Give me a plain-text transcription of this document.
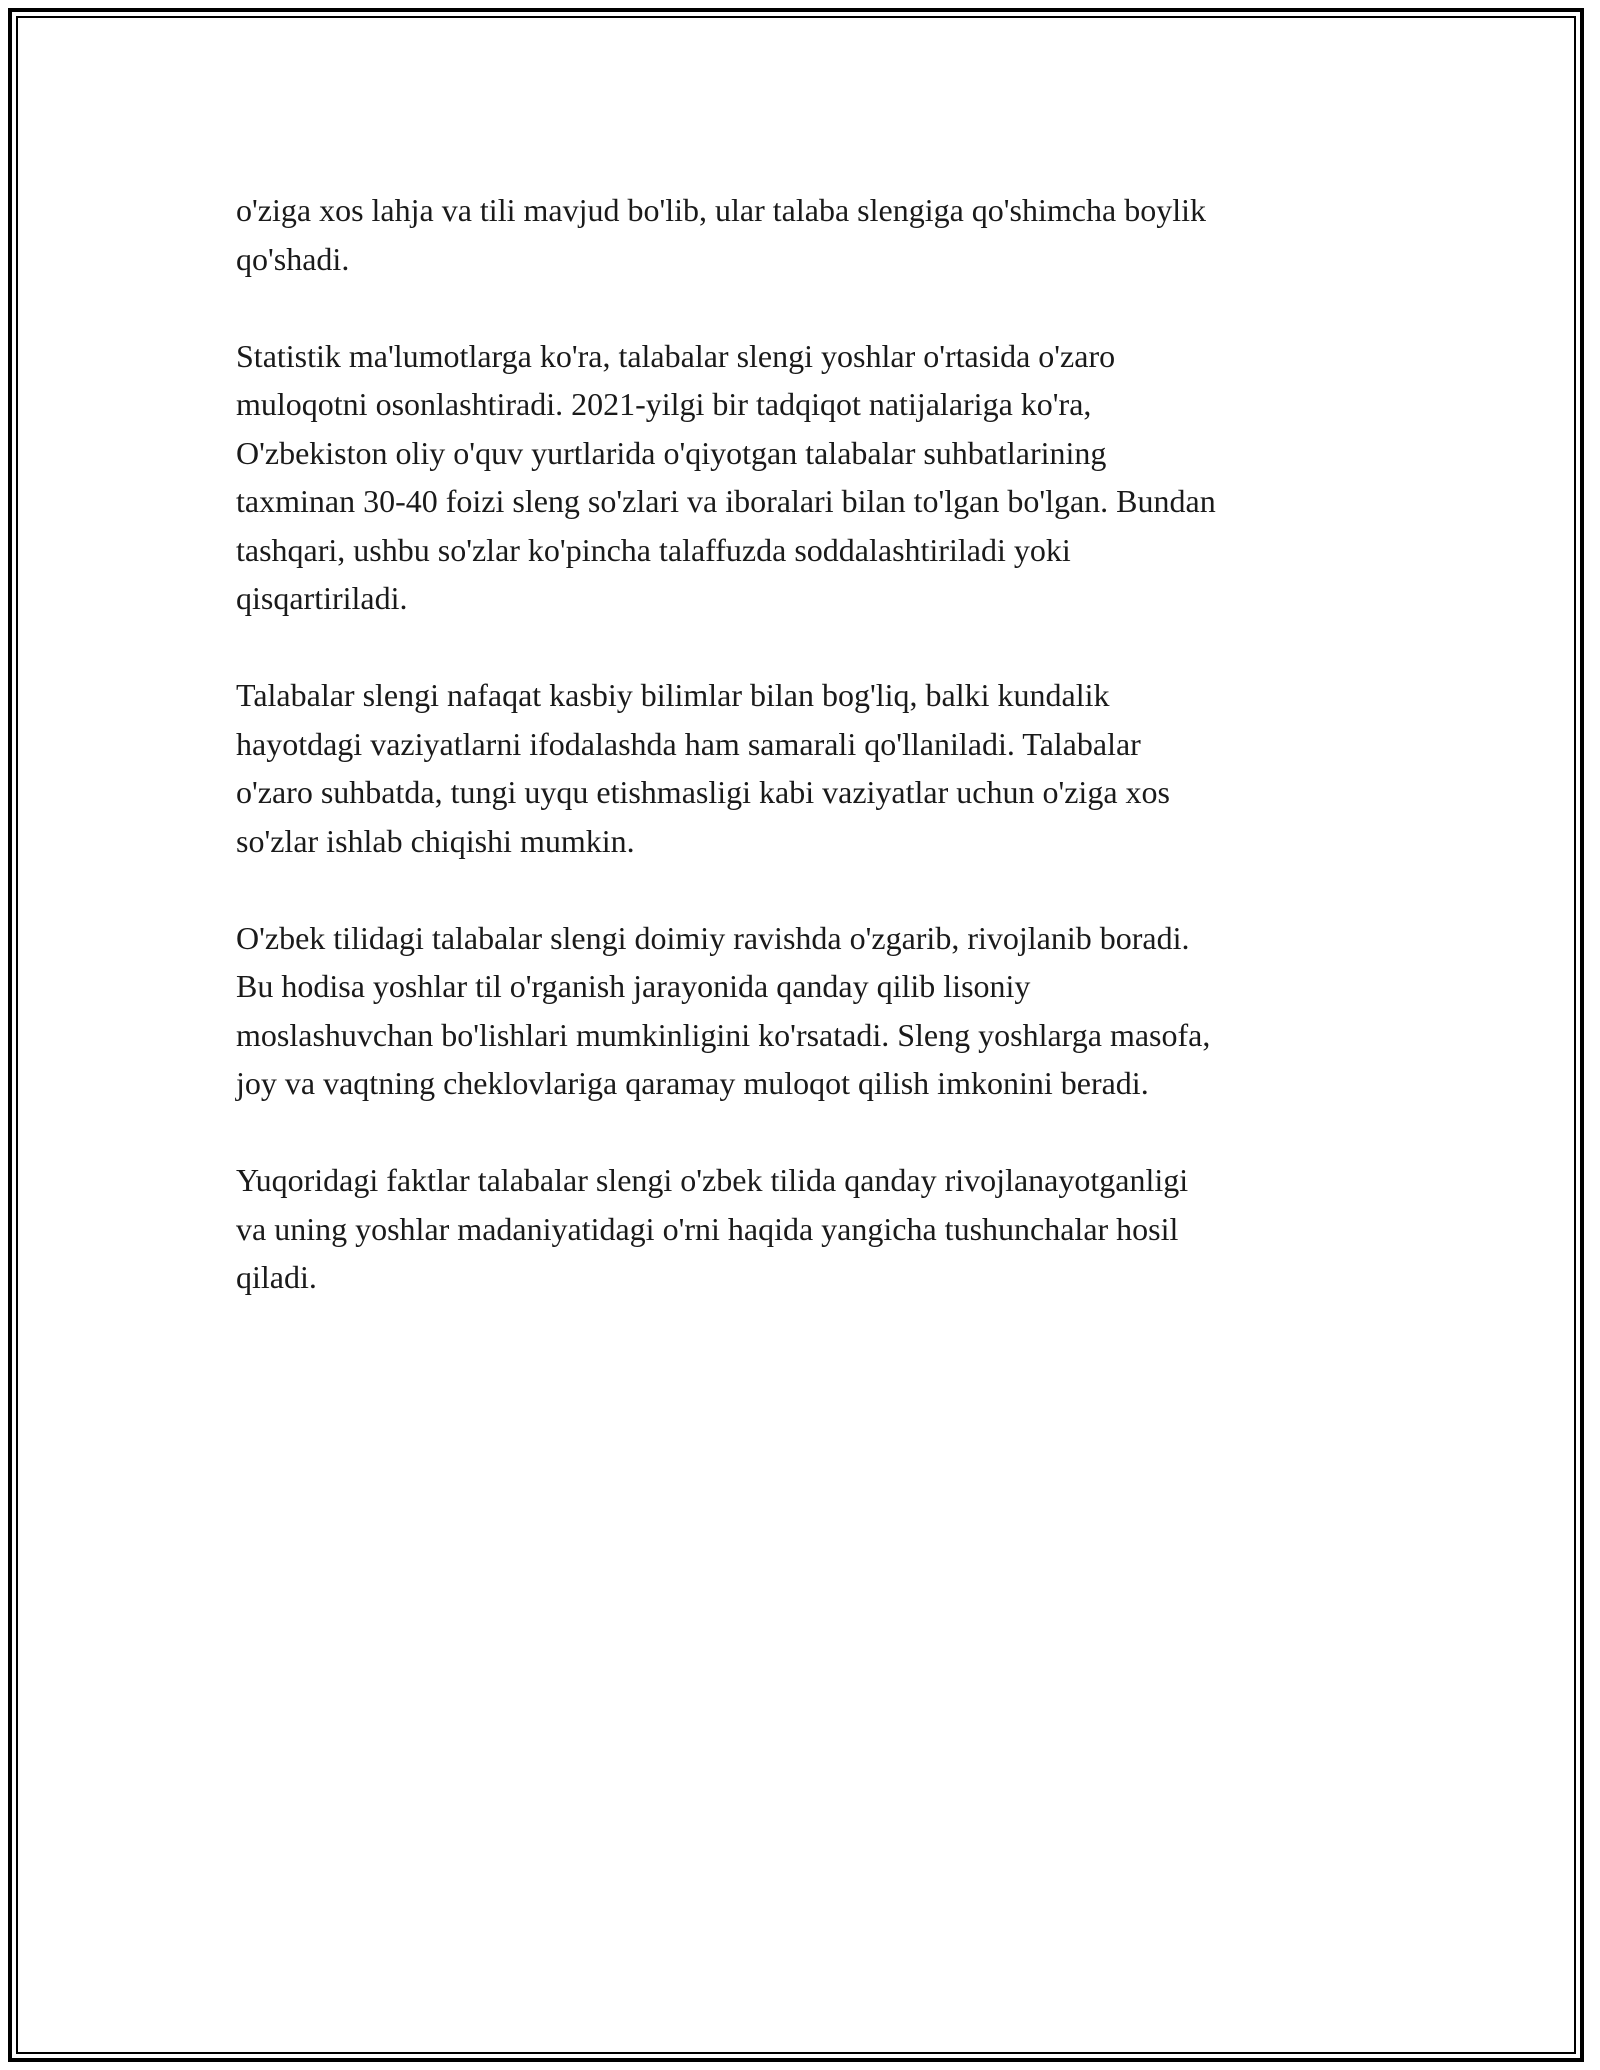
o'ziga xos lahja va tili mavjud bo'lib, ular talaba slengiga qo'shimcha boylik
qo'shadi.

Statistik ma'lumotlarga ko'ra, talabalar slengi yoshlar o'rtasida o'zaro
muloqotni osonlashtiradi. 2021-yilgi bir tadqiqot natijalariga ko'ra,
O'zbekiston oliy o'quv yurtlarida o'qiyotgan talabalar suhbatlarining
taxminan 30-40 foizi sleng so'zlari va iboralari bilan to'lgan bo'lgan. Bundan
tashqari, ushbu so'zlar ko'pincha talaffuzda soddalashtiriladi yoki
qisqartiriladi.

Talabalar slengi nafaqat kasbiy bilimlar bilan bog'liq, balki kundalik
hayotdagi vaziyatlarni ifodalashda ham samarali qo'llaniladi. Talabalar
o'zaro suhbatda, tungi uyqu etishmasligi kabi vaziyatlar uchun o'ziga xos
so'zlar ishlab chiqishi mumkin.

O'zbek tilidagi talabalar slengi doimiy ravishda o'zgarib, rivojlanib boradi.
Bu hodisa yoshlar til o'rganish jarayonida qanday qilib lisoniy
moslashuvchan bo'lishlari mumkinligini ko'rsatadi. Sleng yoshlarga masofa,
joy va vaqtning cheklovlariga qaramay muloqot qilish imkonini beradi.

Yuqoridagi faktlar talabalar slengi o'zbek tilida qanday rivojlanayotganligi
va uning yoshlar madaniyatidagi o'rni haqida yangicha tushunchalar hosil
qiladi.
